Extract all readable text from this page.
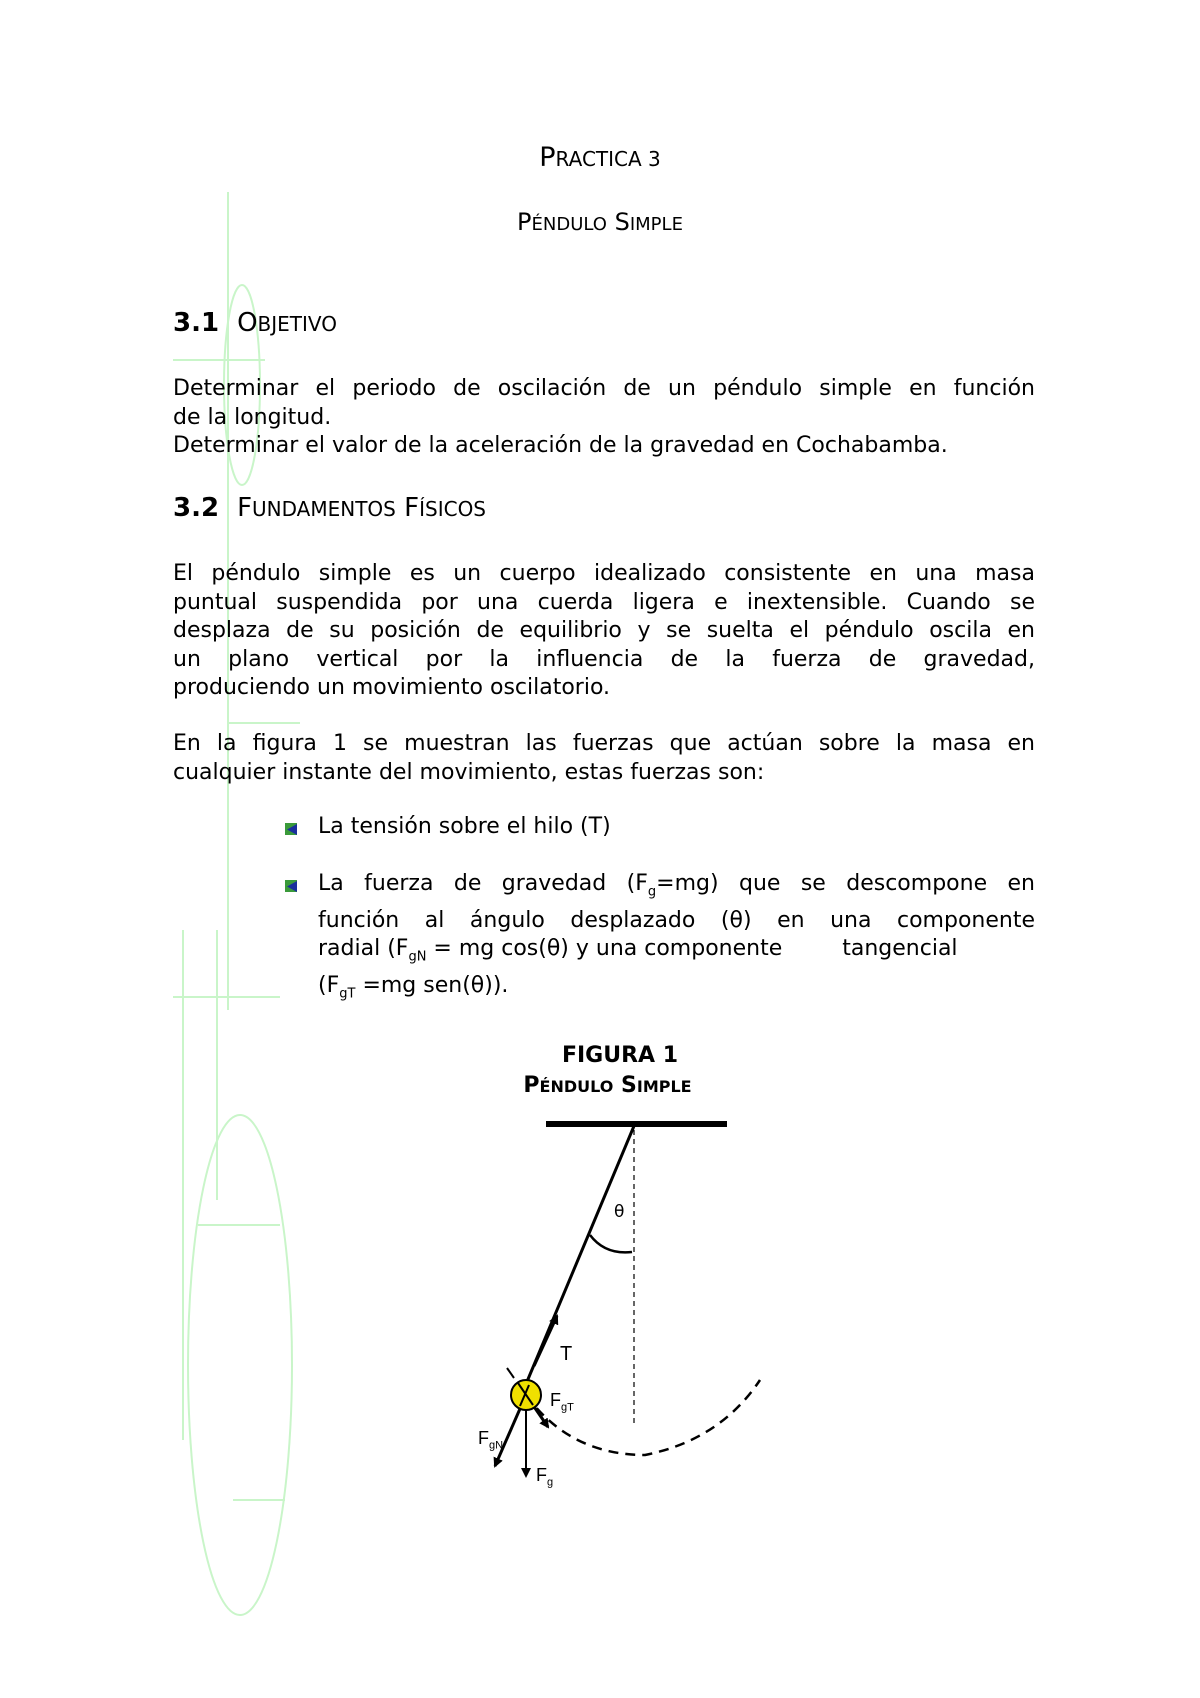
PRACTICA 3
PÉNDULO SIMPLE
3.1 OBJETIVO
Determinar el periodo de oscilación de un péndulo simple en función
de la longitud.
Determinar el valor de la aceleración de la gravedad en Cochabamba.
3.2 FUNDAMENTOS FÍSICOS
El péndulo simple es un cuerpo idealizado consistente en una masa
puntual suspendida por una cuerda ligera e inextensible. Cuando se
desplaza de su posición de equilibrio y se suelta el péndulo oscila en
un plano vertical por la influencia de la fuerza de gravedad,
produciendo un movimiento oscilatorio.
En la figura 1 se muestran las fuerzas que actúan sobre la masa en
cualquier instante del movimiento, estas fuerzas son:
La tensión sobre el hilo (T)
La fuerza de gravedad $(F_g=mg)$ que se descompone en
función al ángulo desplazado (θ) en una componente
radial ($F_{gN}$ = mg cos(θ) y una componente	tangencial
($F_{gT} =mg$ sen(θ)).
FIGURA 1
PÉNDULO SIMPLE
θ
T
$F_{gT}$
$F_{gN}$
$F_g$
